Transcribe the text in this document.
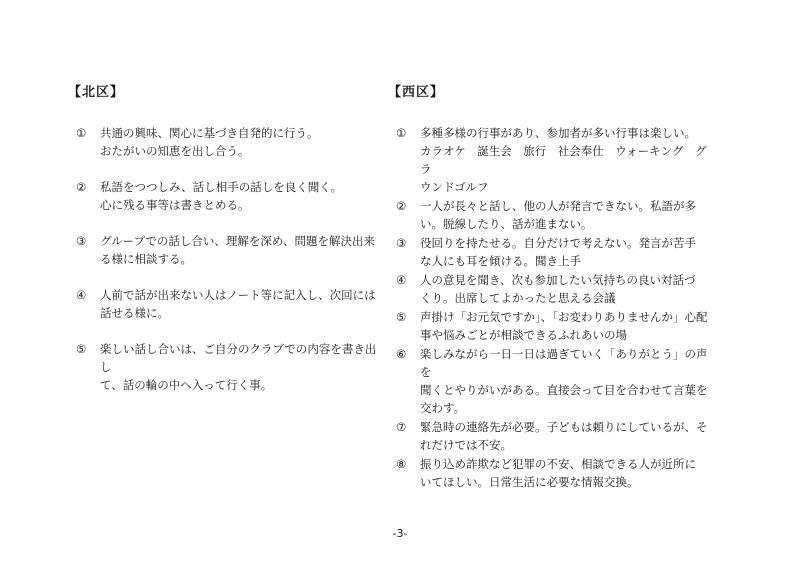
【北区】
①	共通の興味、関心に基づき自発的に行う。
おたがいの知恵を出し合う。
②	私語をつつしみ、話し相手の話しを良く聞く。
心に残る事等は書きとめる。
③	グループでの話し合い、理解を深め、問題を解決出来
る様に相談する。
④	人前で話が出来ない人はノート等に記入し、次回には
話せる様に。
⑤	楽しい話し合いは、ご自分のクラブでの内容を書き出し
て、話の輪の中へ入って行く事。
【西区】
①	多種多様の行事があり、参加者が多い行事は楽しい。
カラオケ　誕生会　旅行　社会奉仕　ウォーキング　グラ
ウンドゴルフ
②	一人が長々と話し、他の人が発言できない。私語が多
い。脱線したり、話が進まない。
③	役回りを持たせる。自分だけで考えない。発言が苦手
な人にも耳を傾ける。聞き上手
④	人の意見を聞き、次も参加したい気持ちの良い対話づ
くり。出席してよかったと思える会議
⑤	声掛け「お元気ですか」、「お変わりありませんか」心配
事や悩みごとが相談できるふれあいの場
⑥	楽しみながら一日一日は過ぎていく「ありがとう」の声を
聞くとやりがいがある。直接会って目を合わせて言葉を
交わす。
⑦	緊急時の連絡先が必要。子どもは頼りにしているが、そ
れだけでは不安。
⑧	振り込め詐欺など犯罪の不安、相談できる人が近所に
いてほしい。日常生活に必要な情報交換。
-3-
